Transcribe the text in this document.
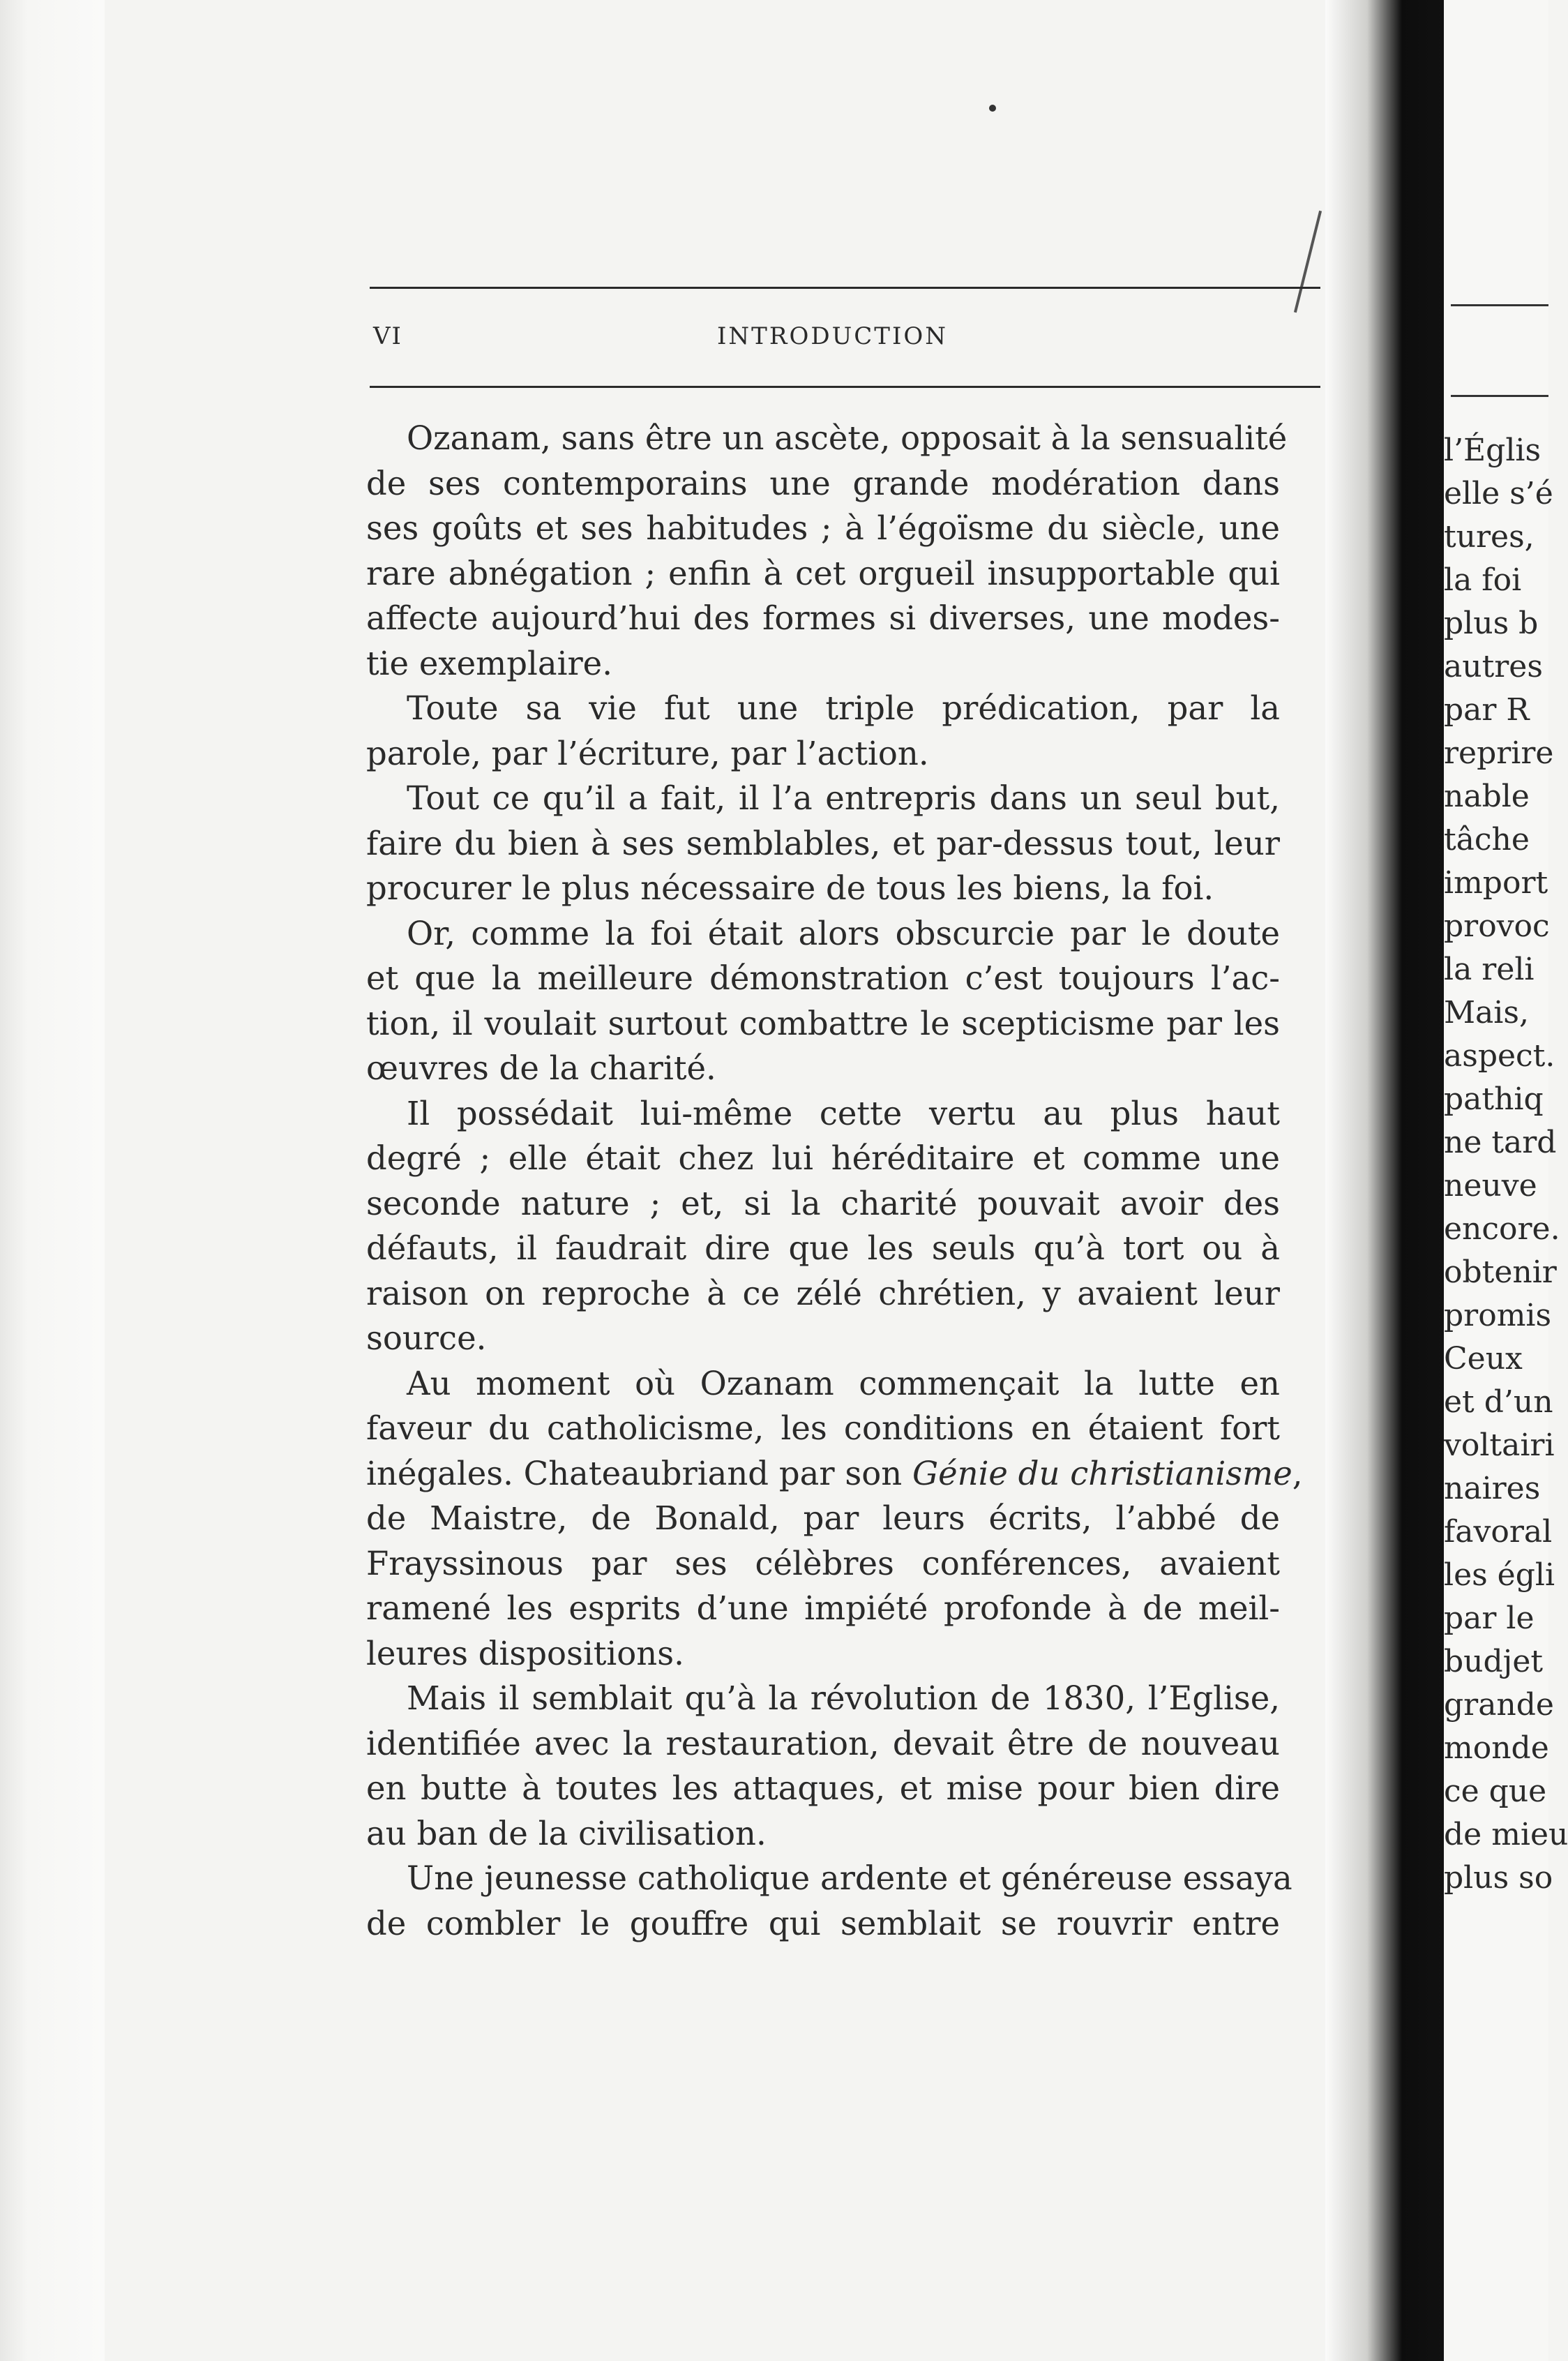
VI	INTRODUCTION
Ozanam, sans être un ascète, opposait à la sensualité
de ses contemporains une grande modération dans
ses goûts et ses habitudes ; à l’égoïsme du siècle, une
rare abnégation ; enfin à cet orgueil insupportable qui
affecte aujourd’hui des formes si diverses, une modes-
tie exemplaire.
Toute sa vie fut une triple prédication, par la
parole, par l’écriture, par l’action.
Tout ce qu’il a fait, il l’a entrepris dans un seul but,
faire du bien à ses semblables, et par-dessus tout, leur
procurer le plus nécessaire de tous les biens, la foi.
Or, comme la foi était alors obscurcie par le doute
et que la meilleure démonstration c’est toujours l’ac-
tion, il voulait surtout combattre le scepticisme par les
œuvres de la charité.
Il possédait lui-même cette vertu au plus haut
degré ; elle était chez lui héréditaire et comme une
seconde nature ; et, si la charité pouvait avoir des
défauts, il faudrait dire que les seuls qu’à tort ou à
raison on reproche à ce zélé chrétien, y avaient leur
source.
Au moment où Ozanam commençait la lutte en
faveur du catholicisme, les conditions en étaient fort
inégales. Chateaubriand par son Génie du christianisme,
de Maistre, de Bonald, par leurs écrits, l’abbé de
Frayssinous par ses célèbres conférences, avaient
ramené les esprits d’une impiété profonde à de meil-
leures dispositions.
Mais il semblait qu’à la révolution de 1830, l’Eglise,
identifiée avec la restauration, devait être de nouveau
en butte à toutes les attaques, et mise pour bien dire
au ban de la civilisation.
Une jeunesse catholique ardente et généreuse essaya
de combler le gouffre qui semblait se rouvrir entre
l’Églis
elle s’é
tures,
la foi
plus b
autres
par R
reprire
nable
tâche
import
provoc
la reli
Mais,
aspect.
pathiq
ne tard
neuve
encore.
obtenir
promis
Ceux
et d’un
voltairi
naires
favoral
les égli
par le
budjet
grande
monde
ce que
de mieu
plus so
